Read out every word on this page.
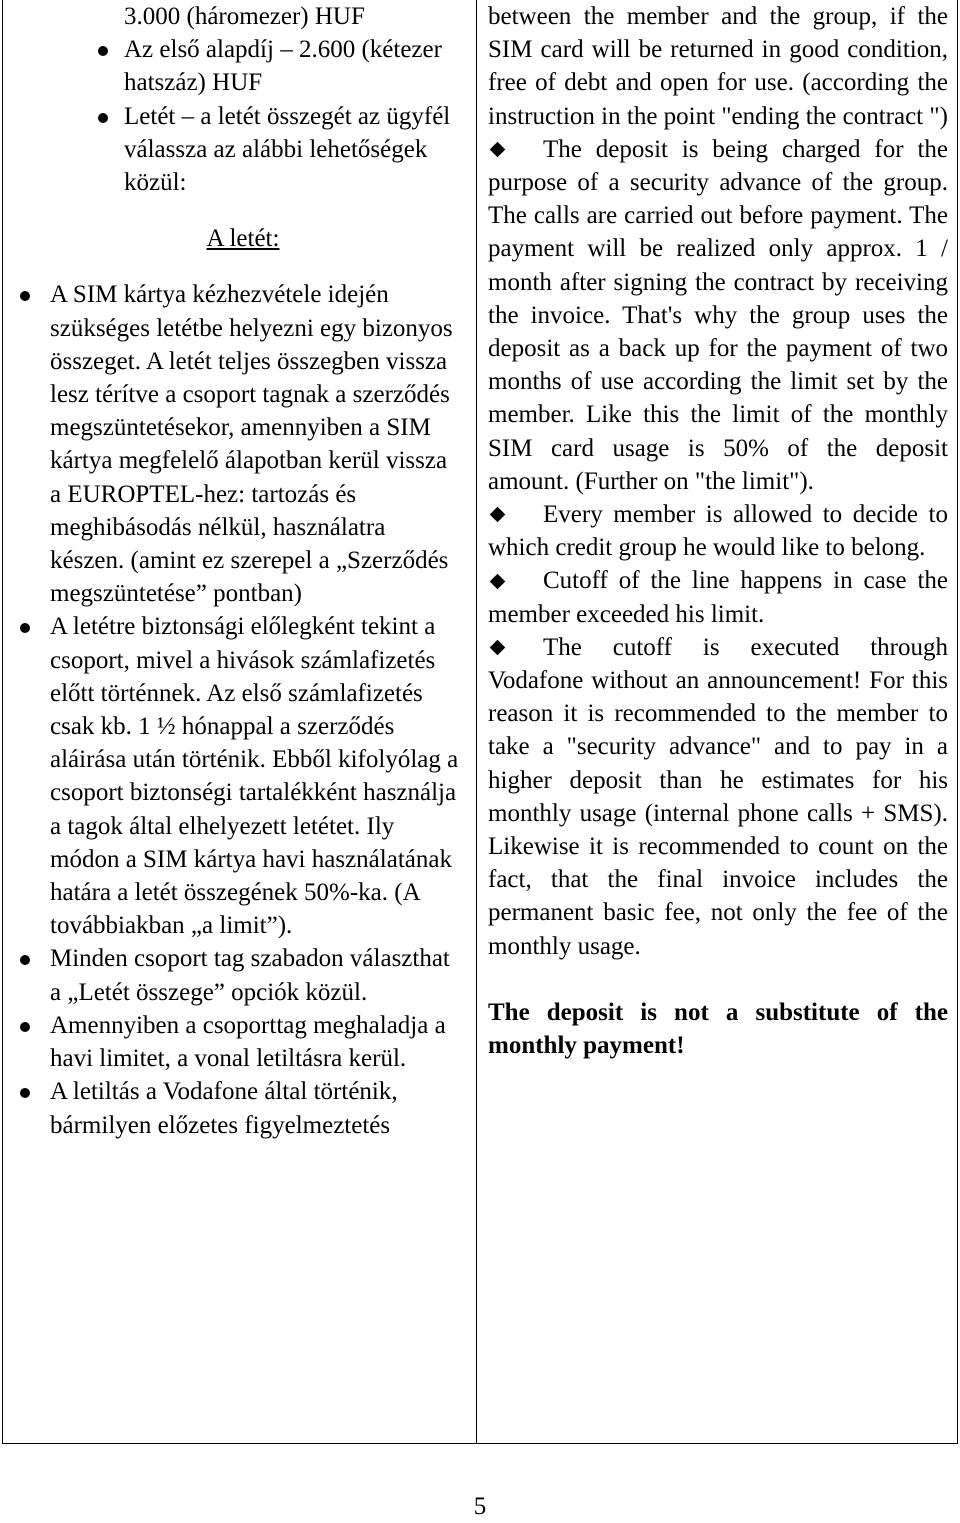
3.000 (háromezer) HUF

Az első alapdíj – 2.600 (kétezer hatszáz) HUF
Letét – a letét összegét az ügyfél válassza az alábbi lehetőségek közül:

A letét:

A SIM kártya kézhezvétele idején szükséges letétbe helyezni egy bizonyos összeget. A letét teljes összegben vissza lesz térítve a csoport tagnak a szerződés megszüntetésekor, amennyiben a SIM kártya megfelelő álapotban kerül vissza a EUROPTEL-hez: tartozás és meghibásodás nélkül, használatra készen. (amint ez szerepel a „Szerződés megszüntetése” pontban)
A letétre biztonsági előlegként tekint a csoport, mivel a hivások számlafizetés előtt történnek. Az első számlafizetés csak kb. 1 ½ hónappal a szerződés aláirása után történik. Ebből kifolyólag a csoport biztonségi tartalékként használja a tagok által elhelyezett letétet. Ily módon a SIM kártya havi használatának határa a letét összegének 50%-ka. (A továbbiakban „a limit”).
Minden csoport tag szabadon választhat a „Letét összege” opciók közül.
Amennyiben a csoporttag meghaladja a havi limitet, a vonal letiltásra kerül.
A letiltás a Vodafone által történik, bármilyen előzetes figyelmeztetés

between the member and the group, if the SIM card will be returned in good condition, free of debt and open for use. (according the instruction in the point "ending the contract ")

The deposit is being charged for the purpose of a security advance of the group. The calls are carried out before payment. The payment will be realized only approx. 1 / month after signing the contract by receiving the invoice. That's why the group uses the deposit as a back up for the payment of two months of use according the limit set by the member. Like this the limit of the monthly SIM card usage is 50% of the deposit amount. (Further on "the limit").

Every member is allowed to decide to which credit group he would like to belong.

Cutoff of the line happens in case the member exceeded his limit.

The cutoff is executed through Vodafone without an announcement! For this reason it is recommended to the member to take a "security advance" and to pay in a higher deposit than he estimates for his monthly usage (internal phone calls + SMS). Likewise it is recommended to count on the fact, that the final invoice includes the permanent basic fee, not only the fee of the monthly usage.

The deposit is not a substitute of the monthly payment!

5
